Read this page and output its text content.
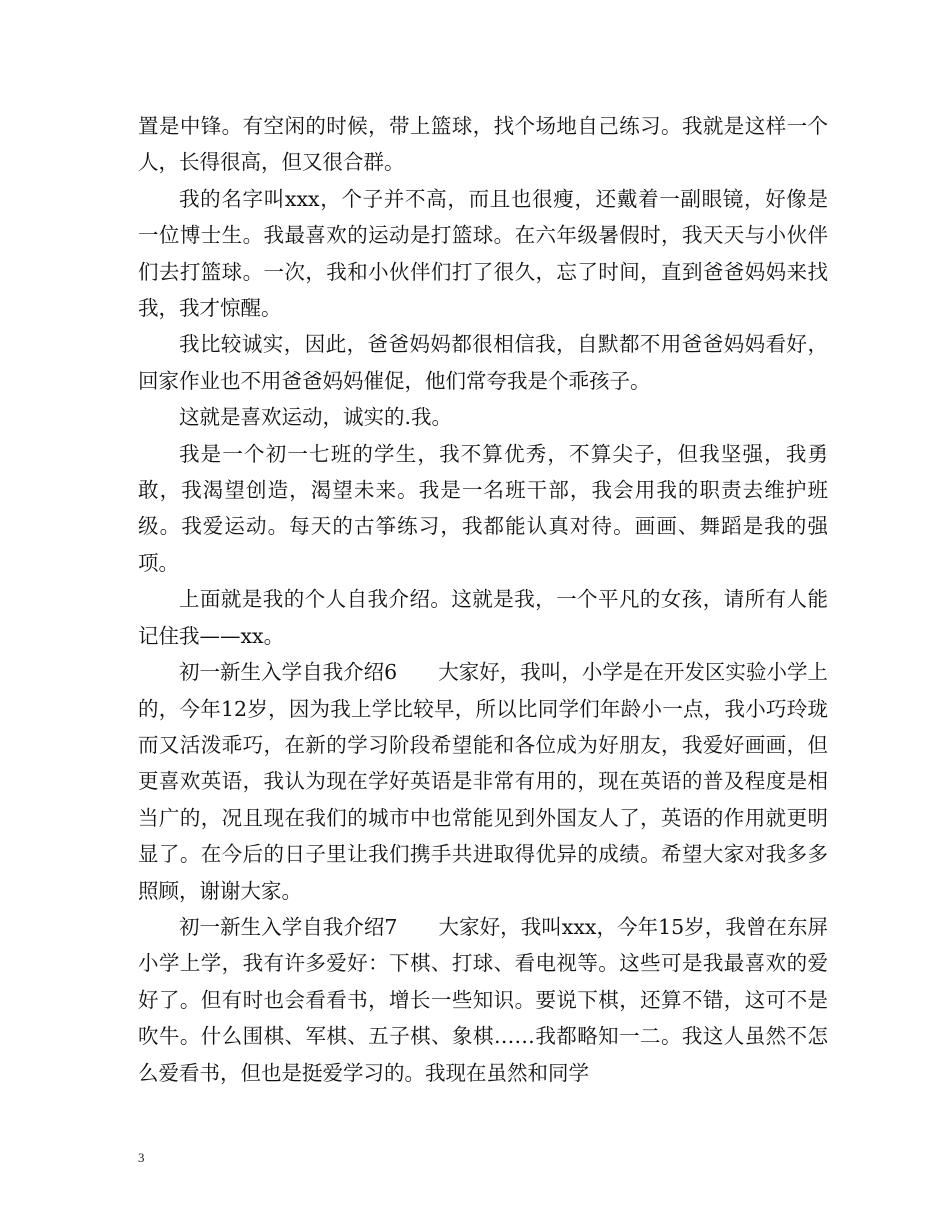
置是中锋。有空闲的时候，带上篮球，找个场地自己练习。我就是这样一个人，长得很高，但又很合群。

我的名字叫xxx，个子并不高，而且也很瘦，还戴着一副眼镜，好像是一位博士生。我最喜欢的运动是打篮球。在六年级暑假时，我天天与小伙伴们去打篮球。一次，我和小伙伴们打了很久，忘了时间，直到爸爸妈妈来找我，我才惊醒。

我比较诚实，因此，爸爸妈妈都很相信我，自默都不用爸爸妈妈看好，回家作业也不用爸爸妈妈催促，他们常夸我是个乖孩子。

这就是喜欢运动，诚实的.我。

我是一个初一七班的学生，我不算优秀，不算尖子，但我坚强，我勇敢，我渴望创造，渴望未来。我是一名班干部，我会用我的职责去维护班级。我爱运动。每天的古筝练习，我都能认真对待。画画、舞蹈是我的强项。

上面就是我的个人自我介绍。这就是我，一个平凡的女孩，请所有人能记住我——xx。

初一新生入学自我介绍6　　大家好，我叫，小学是在开发区实验小学上的，今年12岁，因为我上学比较早，所以比同学们年龄小一点，我小巧玲珑而又活泼乖巧，在新的学习阶段希望能和各位成为好朋友，我爱好画画，但更喜欢英语，我认为现在学好英语是非常有用的，现在英语的普及程度是相当广的，况且现在我们的城市中也常能见到外国友人了，英语的作用就更明显了。在今后的日子里让我们携手共进取得优异的成绩。希望大家对我多多照顾，谢谢大家。

初一新生入学自我介绍7　　大家好，我叫xxx，今年15岁，我曾在东屏小学上学，我有许多爱好：下棋、打球、看电视等。这些可是我最喜欢的爱好了。但有时也会看看书，增长一些知识。要说下棋，还算不错，这可不是吹牛。什么围棋、军棋、五子棋、象棋……我都略知一二。我这人虽然不怎么爱看书，但也是挺爱学习的。我现在虽然和同学

3
